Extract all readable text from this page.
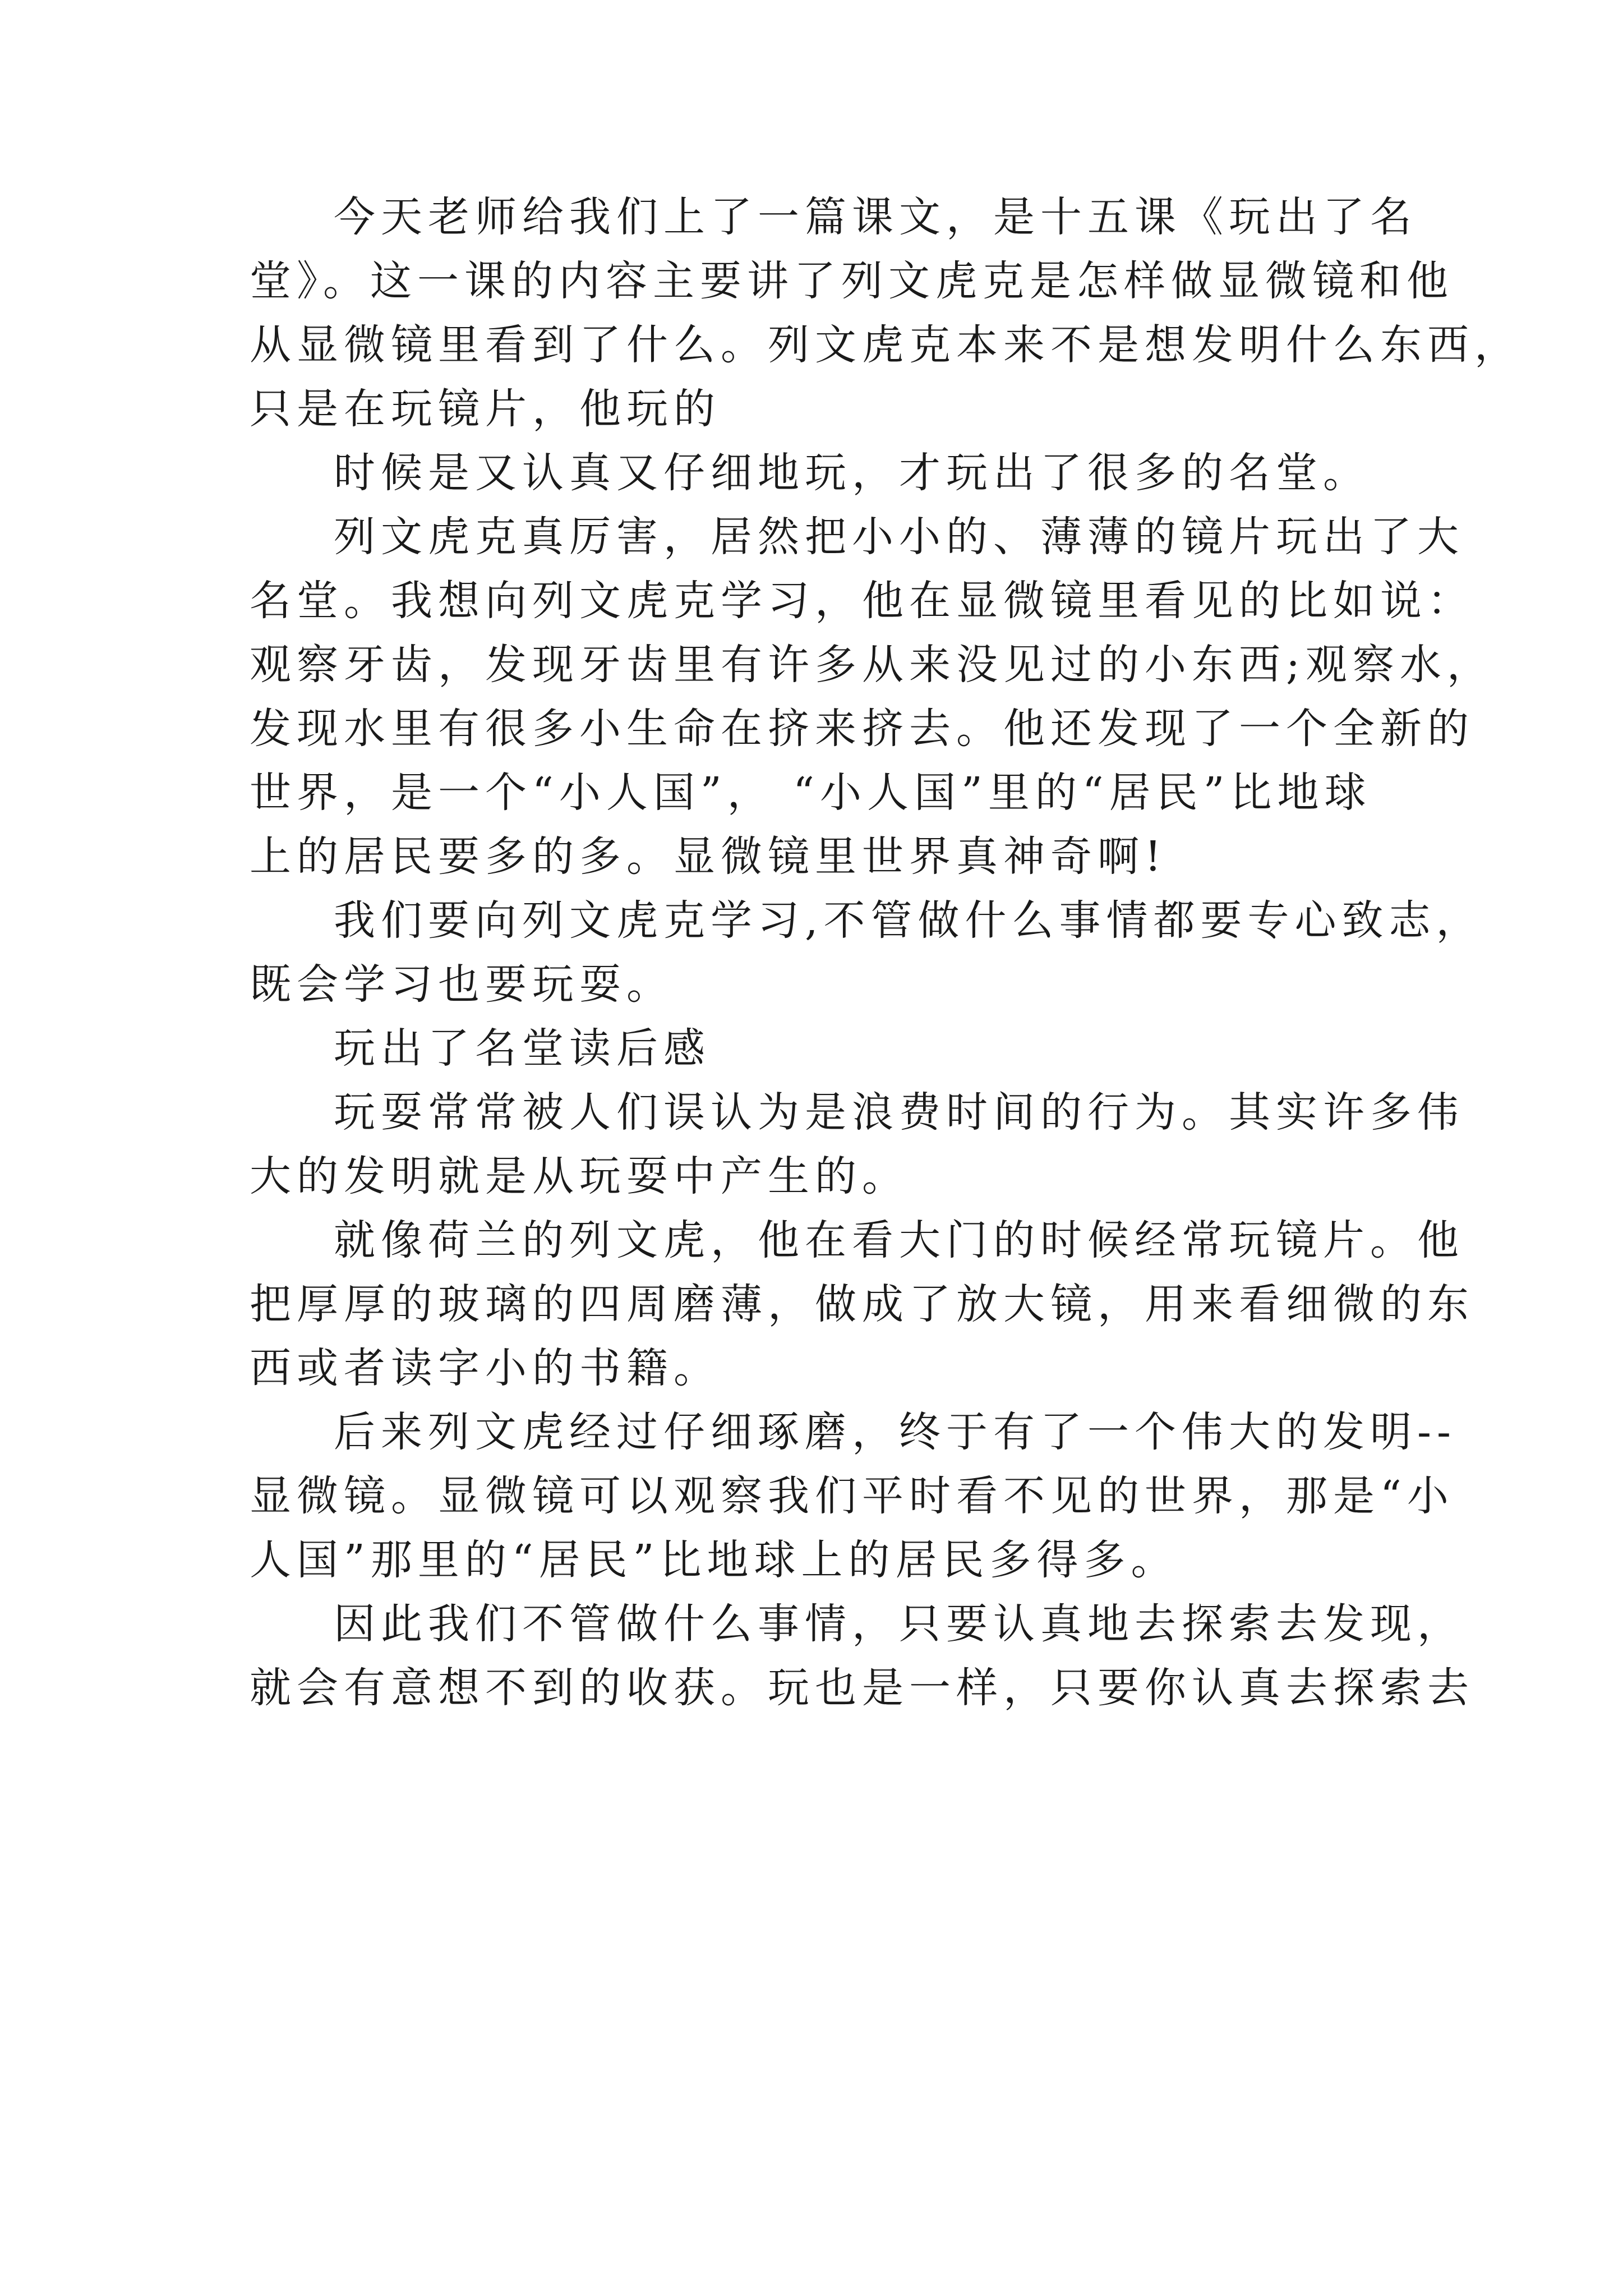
今天老师给我们上了一篇课文，是十五课《玩出了名
堂》。这一课的内容主要讲了列文虎克是怎样做显微镜和他
从显微镜里看到了什么。列文虎克本来不是想发明什么东西，
只是在玩镜片，他玩的
时候是又认真又仔细地玩，才玩出了很多的名堂。
列文虎克真厉害，居然把小小的、薄薄的镜片玩出了大
名堂。我想向列文虎克学习，他在显微镜里看见的比如说：
观察牙齿，发现牙齿里有许多从来没见过的小东西;观察水，
发现水里有很多小生命在挤来挤去。他还发现了一个全新的
世界，是一个“小人国”， “小人国”里的“居民”比地球
上的居民要多的多。显微镜里世界真神奇啊!
我们要向列文虎克学习,不管做什么事情都要专心致志，
既会学习也要玩耍。
玩出了名堂读后感
玩耍常常被人们误认为是浪费时间的行为。其实许多伟
大的发明就是从玩耍中产生的。
就像荷兰的列文虎，他在看大门的时候经常玩镜片。他
把厚厚的玻璃的四周磨薄，做成了放大镜，用来看细微的东
西或者读字小的书籍。
后来列文虎经过仔细琢磨，终于有了一个伟大的发明--
显微镜。显微镜可以观察我们平时看不见的世界，那是“小
人国”那里的“居民”比地球上的居民多得多。
因此我们不管做什么事情，只要认真地去探索去发现，
就会有意想不到的收获。玩也是一样，只要你认真去探索去
